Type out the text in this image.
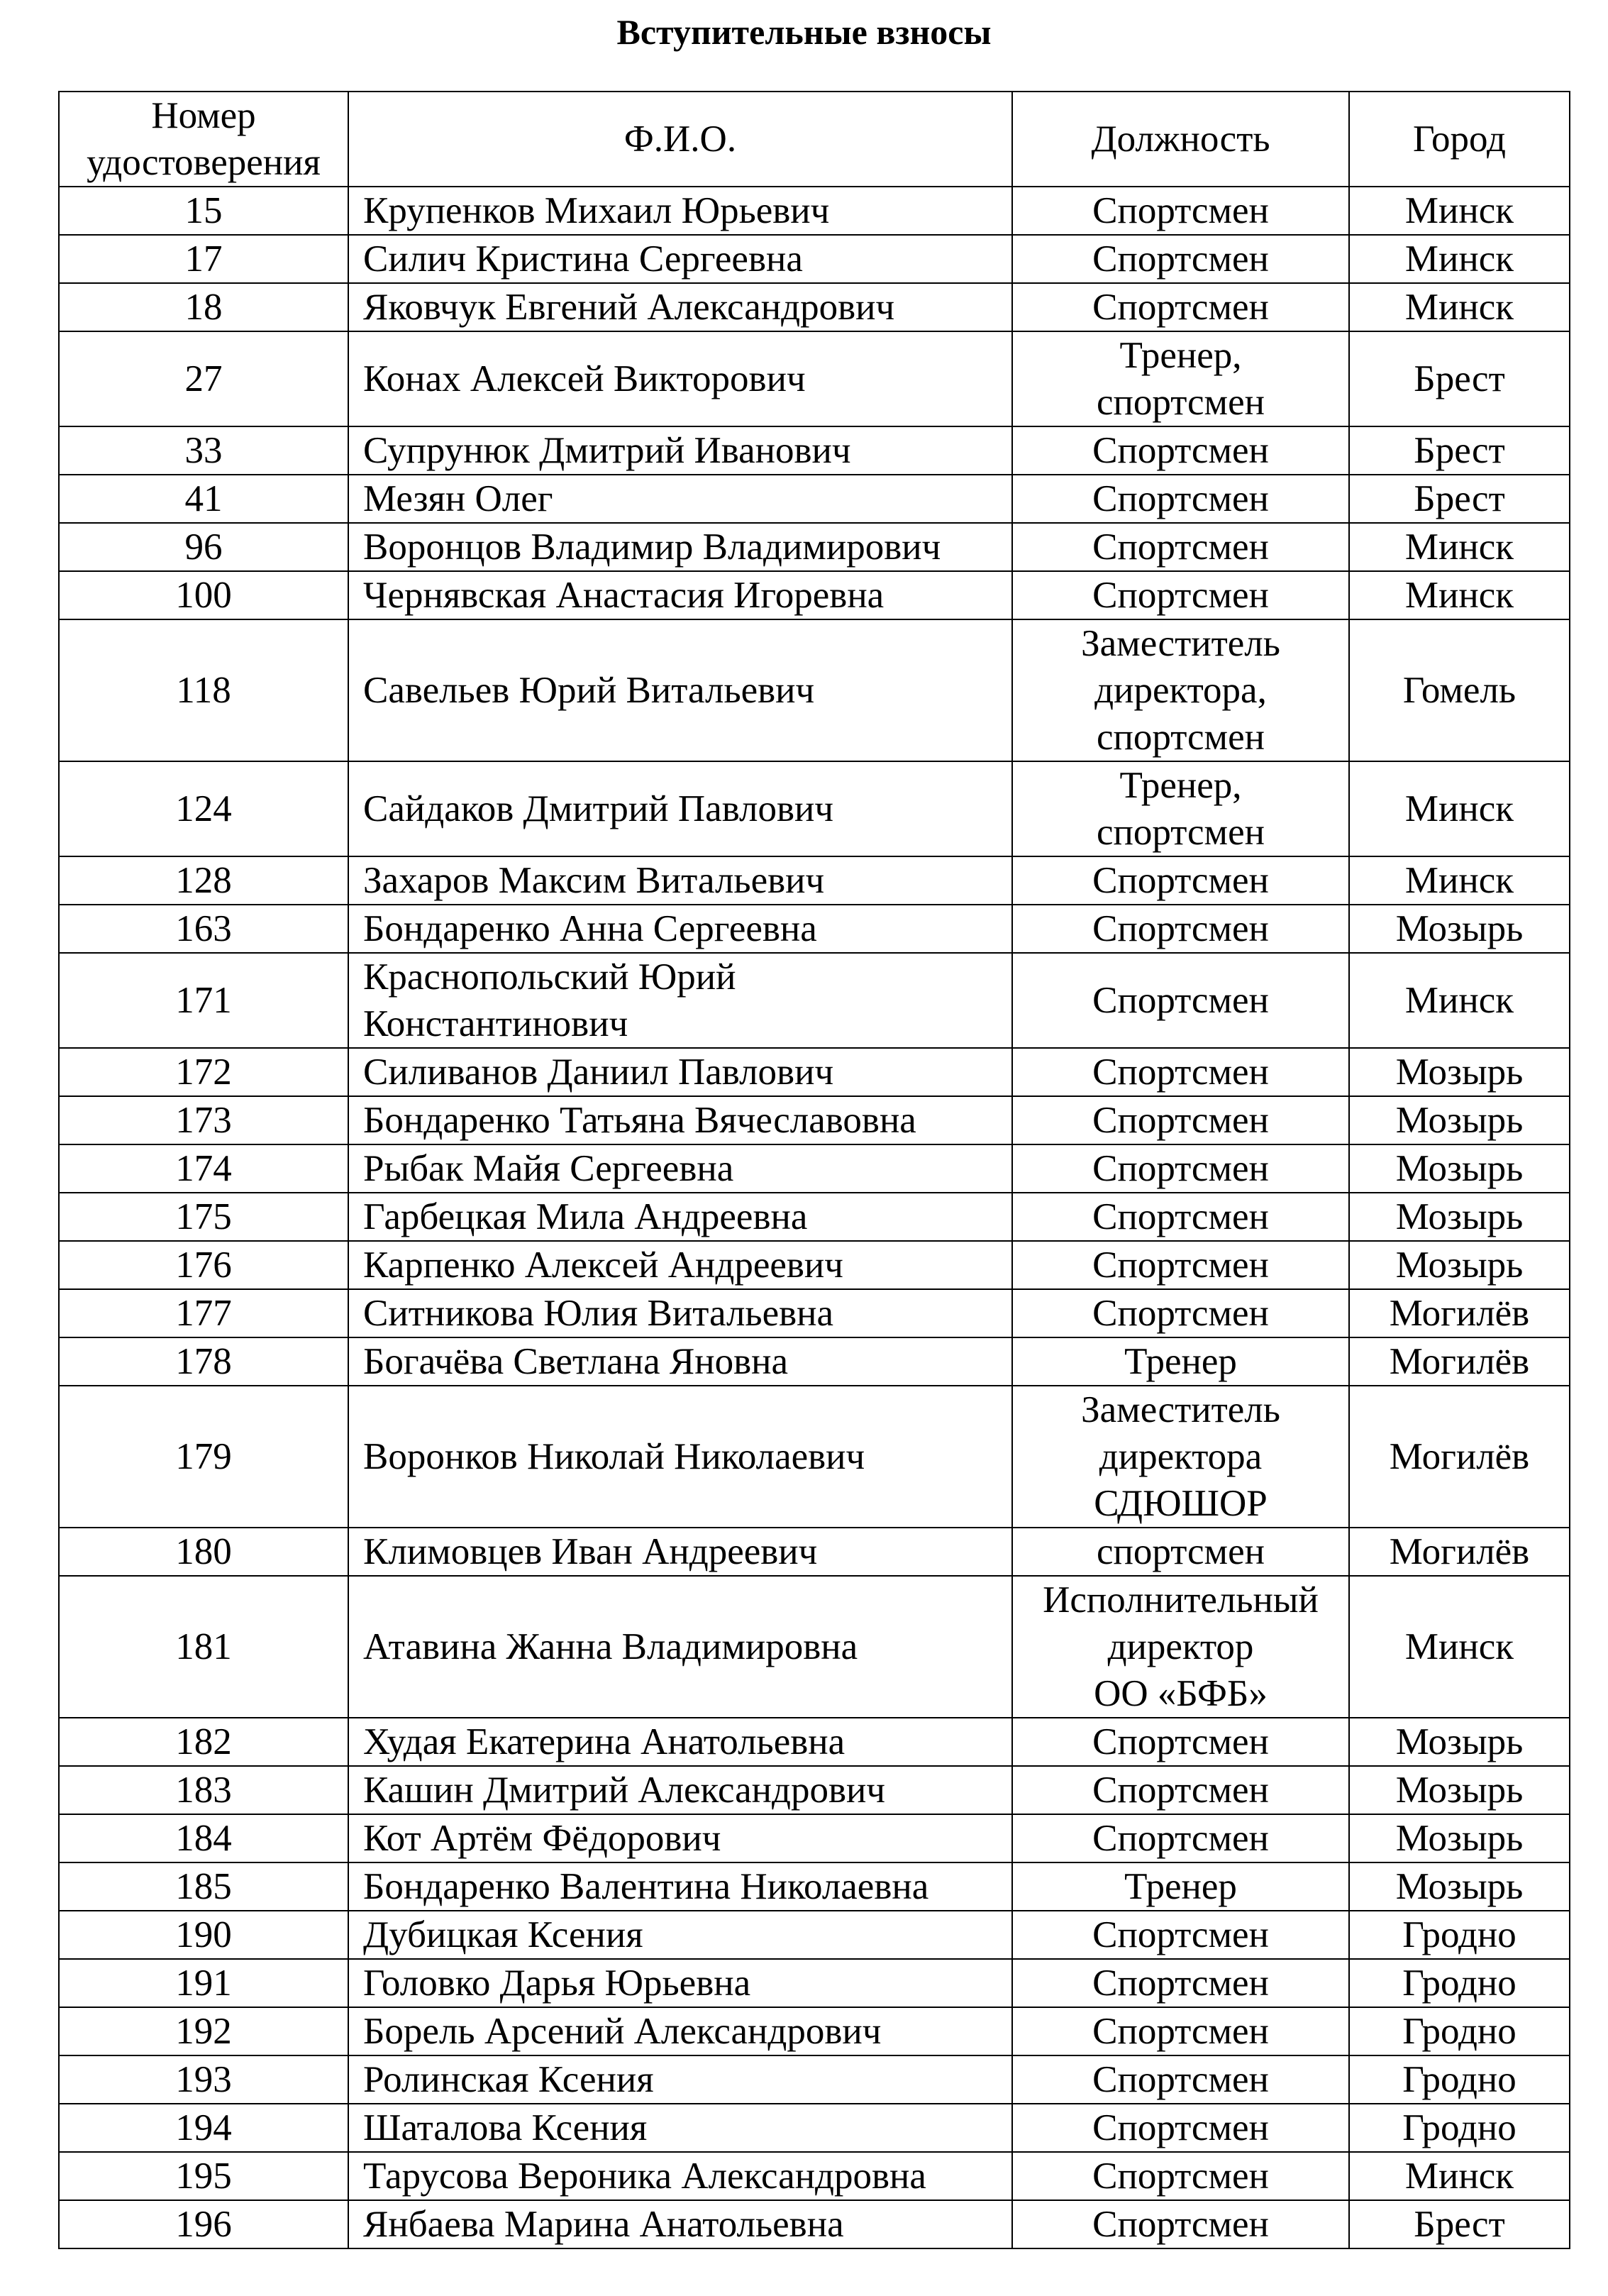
Вступительные взносы
Номер
удостоверения	Ф.И.О.	Должность	Город
15	Крупенков Михаил Юрьевич	Спортсмен	Минск
17	Силич Кристина Сергеевна	Спортсмен	Минск
18	Яковчук Евгений Александрович	Спортсмен	Минск
27	Конах Алексей Викторович	Тренер,
спортсмен	Брест
33	Супрунюк Дмитрий Иванович	Спортсмен	Брест
41	Мезян Олег	Спортсмен	Брест
96	Воронцов Владимир Владимирович	Спортсмен	Минск
100	Чернявская Анастасия Игоревна	Спортсмен	Минск
118	Савельев Юрий Витальевич	Заместитель
директора,
спортсмен	Гомель
124	Сайдаков Дмитрий Павлович	Тренер,
спортсмен	Минск
128	Захаров Максим Витальевич	Спортсмен	Минск
163	Бондаренко Анна Сергеевна	Спортсмен	Мозырь
171	Краснопольский Юрий
Константинович	Спортсмен	Минск
172	Силиванов Даниил Павлович	Спортсмен	Мозырь
173	Бондаренко Татьяна Вячеславовна	Спортсмен	Мозырь
174	Рыбак Майя Сергеевна	Спортсмен	Мозырь
175	Гарбецкая Мила Андреевна	Спортсмен	Мозырь
176	Карпенко Алексей Андреевич	Спортсмен	Мозырь
177	Ситникова Юлия Витальевна	Спортсмен	Могилёв
178	Богачёва Светлана Яновна	Тренер	Могилёв
179	Воронков Николай Николаевич	Заместитель
директора
СДЮШОР	Могилёв
180	Климовцев Иван Андреевич	спортсмен	Могилёв
181	Атавина Жанна Владимировна	Исполнительный
директор
ОО «БФБ»	Минск
182	Худая Екатерина Анатольевна	Спортсмен	Мозырь
183	Кашин Дмитрий Александрович	Спортсмен	Мозырь
184	Кот Артём Фёдорович	Спортсмен	Мозырь
185	Бондаренко Валентина Николаевна	Тренер	Мозырь
190	Дубицкая Ксения	Спортсмен	Гродно
191	Головко Дарья Юрьевна	Спортсмен	Гродно
192	Борель Арсений Александрович	Спортсмен	Гродно
193	Ролинская Ксения	Спортсмен	Гродно
194	Шаталова Ксения	Спортсмен	Гродно
195	Тарусова Вероника Александровна	Спортсмен	Минск
196	Янбаева Марина Анатольевна	Спортсмен	Брест
